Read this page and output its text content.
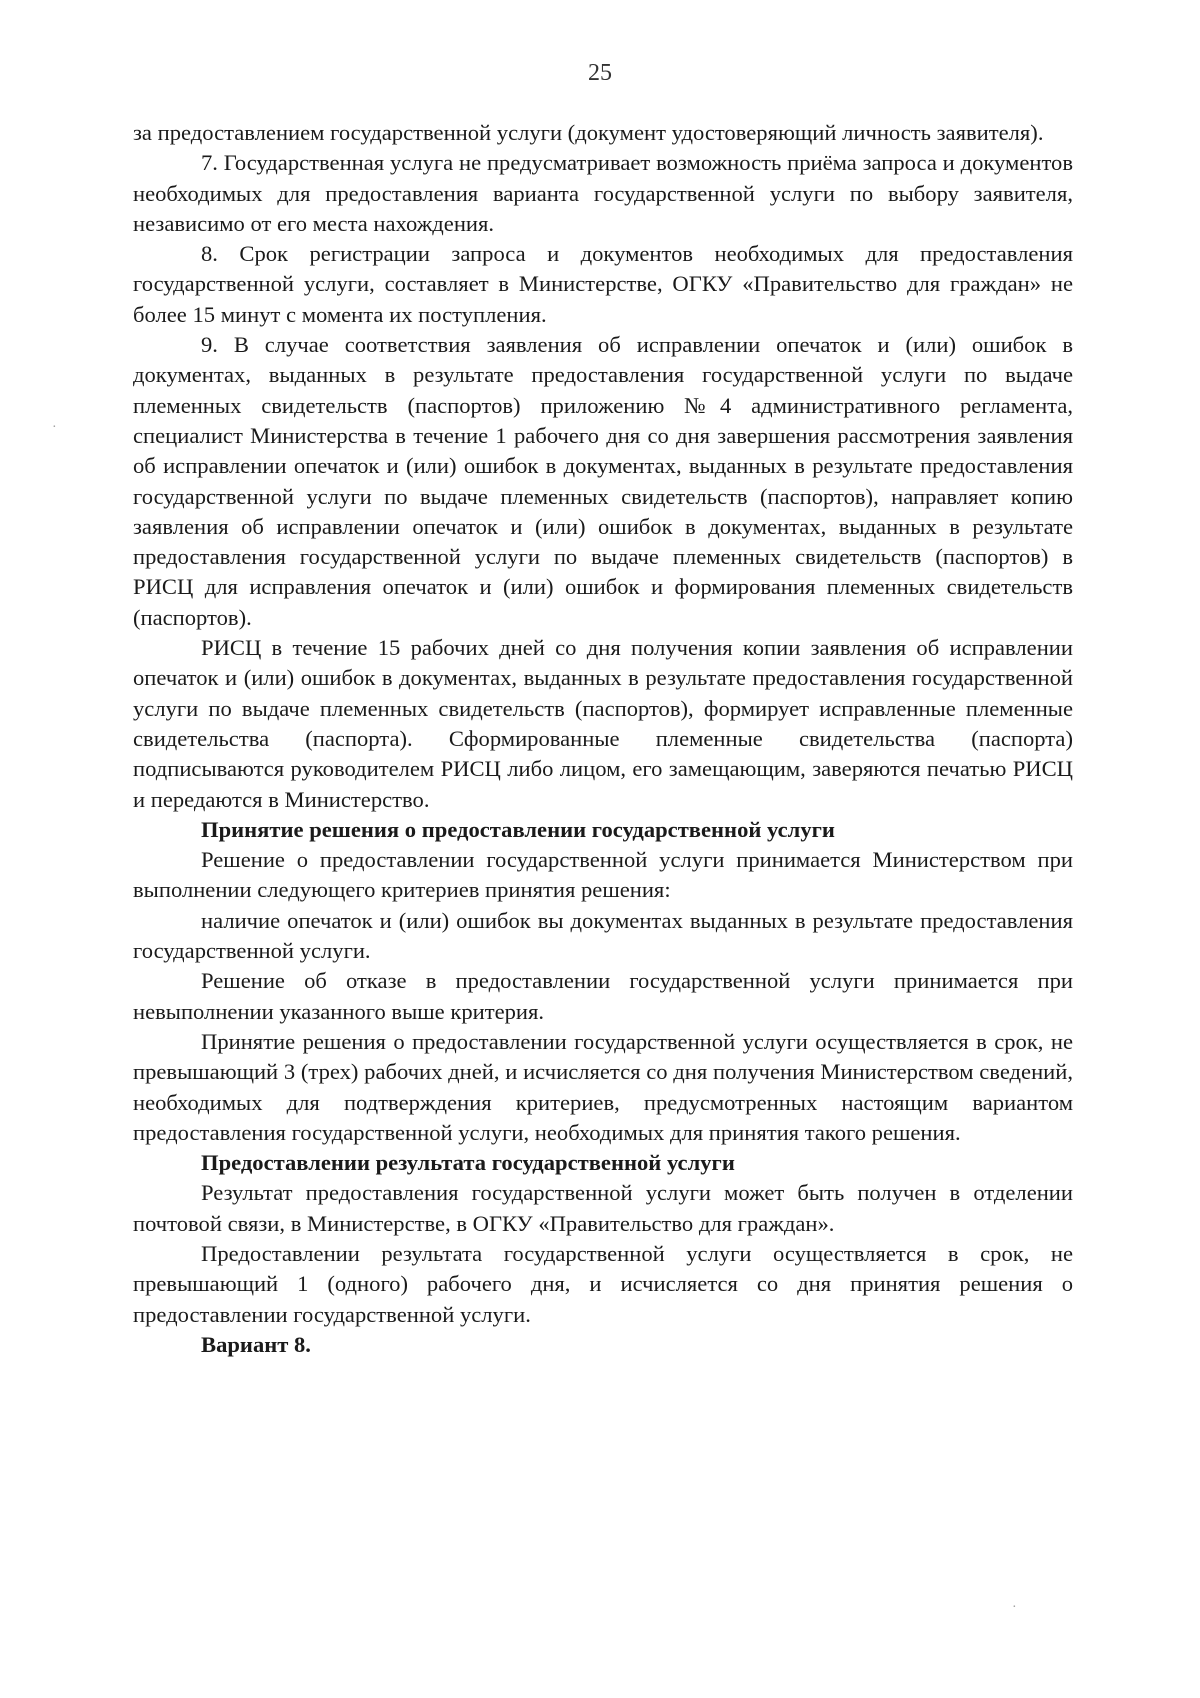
25

за предоставлением государственной услуги (документ удостоверяющий личность заявителя).

7. Государственная услуга не предусматривает возможность приёма запроса и документов необходимых для предоставления варианта государственной услуги по выбору заявителя, независимо от его места нахождения.

8. Срок регистрации запроса и документов необходимых для предоставления государственной услуги, составляет в Министерстве, ОГКУ «Правительство для граждан» не более 15 минут с момента их поступления.

9. В случае соответствия заявления об исправлении опечаток и (или) ошибок в документах, выданных в результате предоставления государственной услуги по выдаче племенных свидетельств (паспортов) приложению №4 административного регламента, специалист Министерства в течение 1 рабочего дня со дня завершения рассмотрения заявления об исправлении опечаток и (или) ошибок в документах, выданных в результате предоставления государственной услуги по выдаче племенных свидетельств (паспортов), направляет копию заявления об исправлении опечаток и (или) ошибок в документах, выданных в результате предоставления государственной услуги по выдаче племенных свидетельств (паспортов) в РИСЦ для исправления опечаток и (или) ошибок и формирования племенных свидетельств (паспортов).

РИСЦ в течение 15 рабочих дней со дня получения копии заявления об исправлении опечаток и (или) ошибок в документах, выданных в результате предоставления государственной услуги по выдаче племенных свидетельств (паспортов), формирует исправленные племенные свидетельства (паспорта). Сформированные племенные свидетельства (паспорта) подписываются руководителем РИСЦ либо лицом, его замещающим, заверяются печатью РИСЦ и передаются в Министерство.

Принятие решения о предоставлении государственной услуги

Решение о предоставлении государственной услуги принимается Министерством при выполнении следующего критериев принятия решения:

наличие опечаток и (или) ошибок вы документах выданных в результате предоставления государственной услуги.

Решение об отказе в предоставлении государственной услуги принимается при невыполнении указанного выше критерия.

Принятие решения о предоставлении государственной услуги осуществляется в срок, не превышающий 3 (трех) рабочих дней, и исчисляется со дня получения Министерством сведений, необходимых для подтверждения критериев, предусмотренных настоящим вариантом предоставления государственной услуги, необходимых для принятия такого решения.

Предоставлении результата государственной услуги

Результат предоставления государственной услуги может быть получен в отделении почтовой связи, в Министерстве, в ОГКУ «Правительство для граждан».

Предоставлении результата государственной услуги осуществляется в срок, не превышающий 1 (одного) рабочего дня, и исчисляется со дня принятия решения о предоставлении государственной услуги.

Вариант 8.
·
·
